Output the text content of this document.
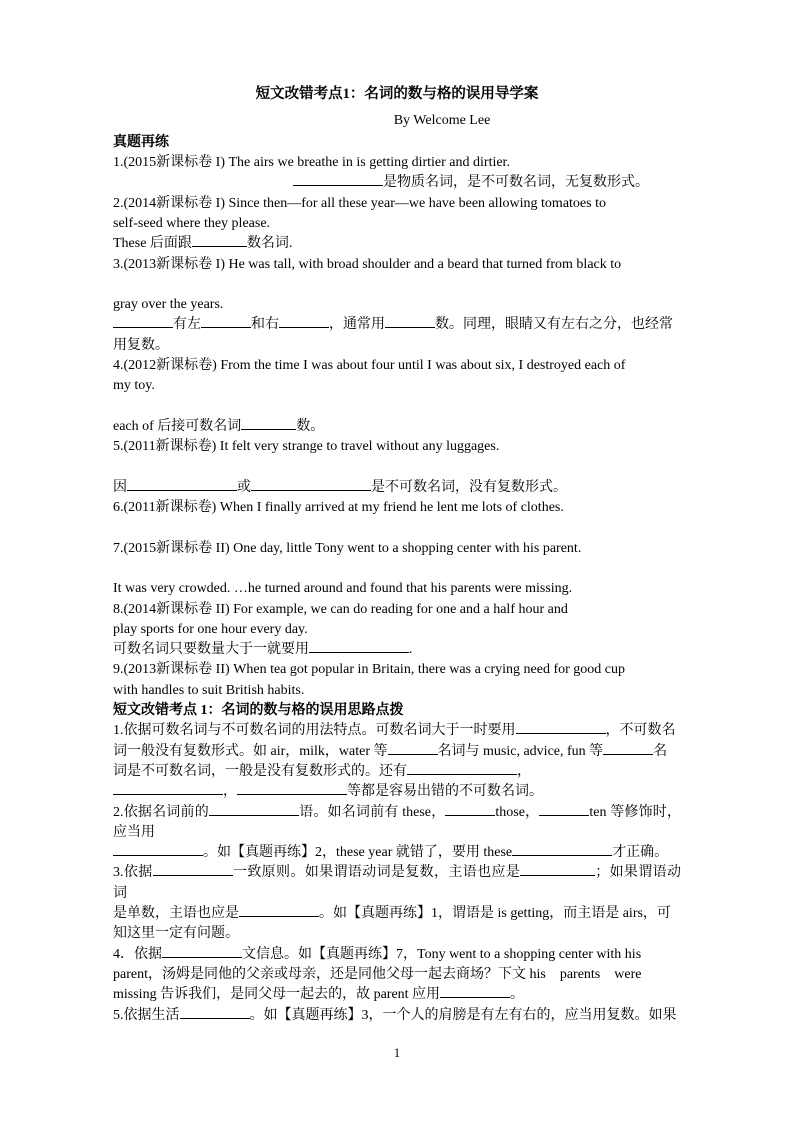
短文改错考点1：名词的数与格的误用导学案
By Welcome Lee
真题再练

1.(2015新课标卷 I) The airs we breathe in is getting dirtier and dirtier.

是物质名词，是不可数名词，无复数形式。

2.(2014新课标卷 I) Since then—for all these year—we have been allowing tomatoes to

self-seed where they please.

These 后面跟	数名词.

3.(2013新课标卷 I) He was tall, with broad shoulder and a beard that turned from black to

gray over the years.

有左	和右	，通常用	数。同理，眼睛又有左右之分，也经常

用复数。

4.(2012新课标卷) From the time I was about four until I was about six, I destroyed each of

my toy.

each of 后接可数名词	数。

5.(2011新课标卷) It felt very strange to travel without any luggages.

因	或	是不可数名词，没有复数形式。

6.(2011新课标卷) When I finally arrived at my friend he lent me lots of clothes.

7.(2015新课标卷 II) One day, little Tony went to a shopping center with his parent.

It was very crowded. …he turned around and found that his parents were missing.

8.(2014新课标卷 II) For example, we can do reading for one and a half hour and

play sports for one hour every day.

可数名词只要数量大于一就要用	.

9.(2013新课标卷 II) When tea got popular in Britain, there was a crying need for good cup

with handles to suit British habits.

短文改错考点 1：名词的数与格的误用思路点拨

1.依据可数名词与不可数名词的用法特点。可数名词大于一时要用	，不可数名

词一般没有复数形式。如 air，milk，water 等	名词与 music, advice, fun 等	名

词是不可数名词，一般是没有复数形式的。还有	，

，	等都是容易出错的不可数名词。

2.依据名词前的	语。如名词前有 these，	those，	ten 等修饰时，应当用

。如【真题再练】2，these year 就错了，要用 these	才正确。

3.依据	一致原则。如果谓语动词是复数，主语也应是	；如果谓语动词

是单数，主语也应是	。如【真题再练】1，谓语是 is getting，而主语是 airs，可

知这里一定有问题。

4．依据	文信息。如【真题再练】7，Tony went to a shopping center with his

parent，汤姆是同他的父亲或母亲，还是同他父母一起去商场？下文 his　parents　were

missing 告诉我们，是同父母一起去的，故 parent 应用	。

5.依据生活	。如【真题再练】3，一个人的肩膀是有左有右的，应当用复数。如果

1
